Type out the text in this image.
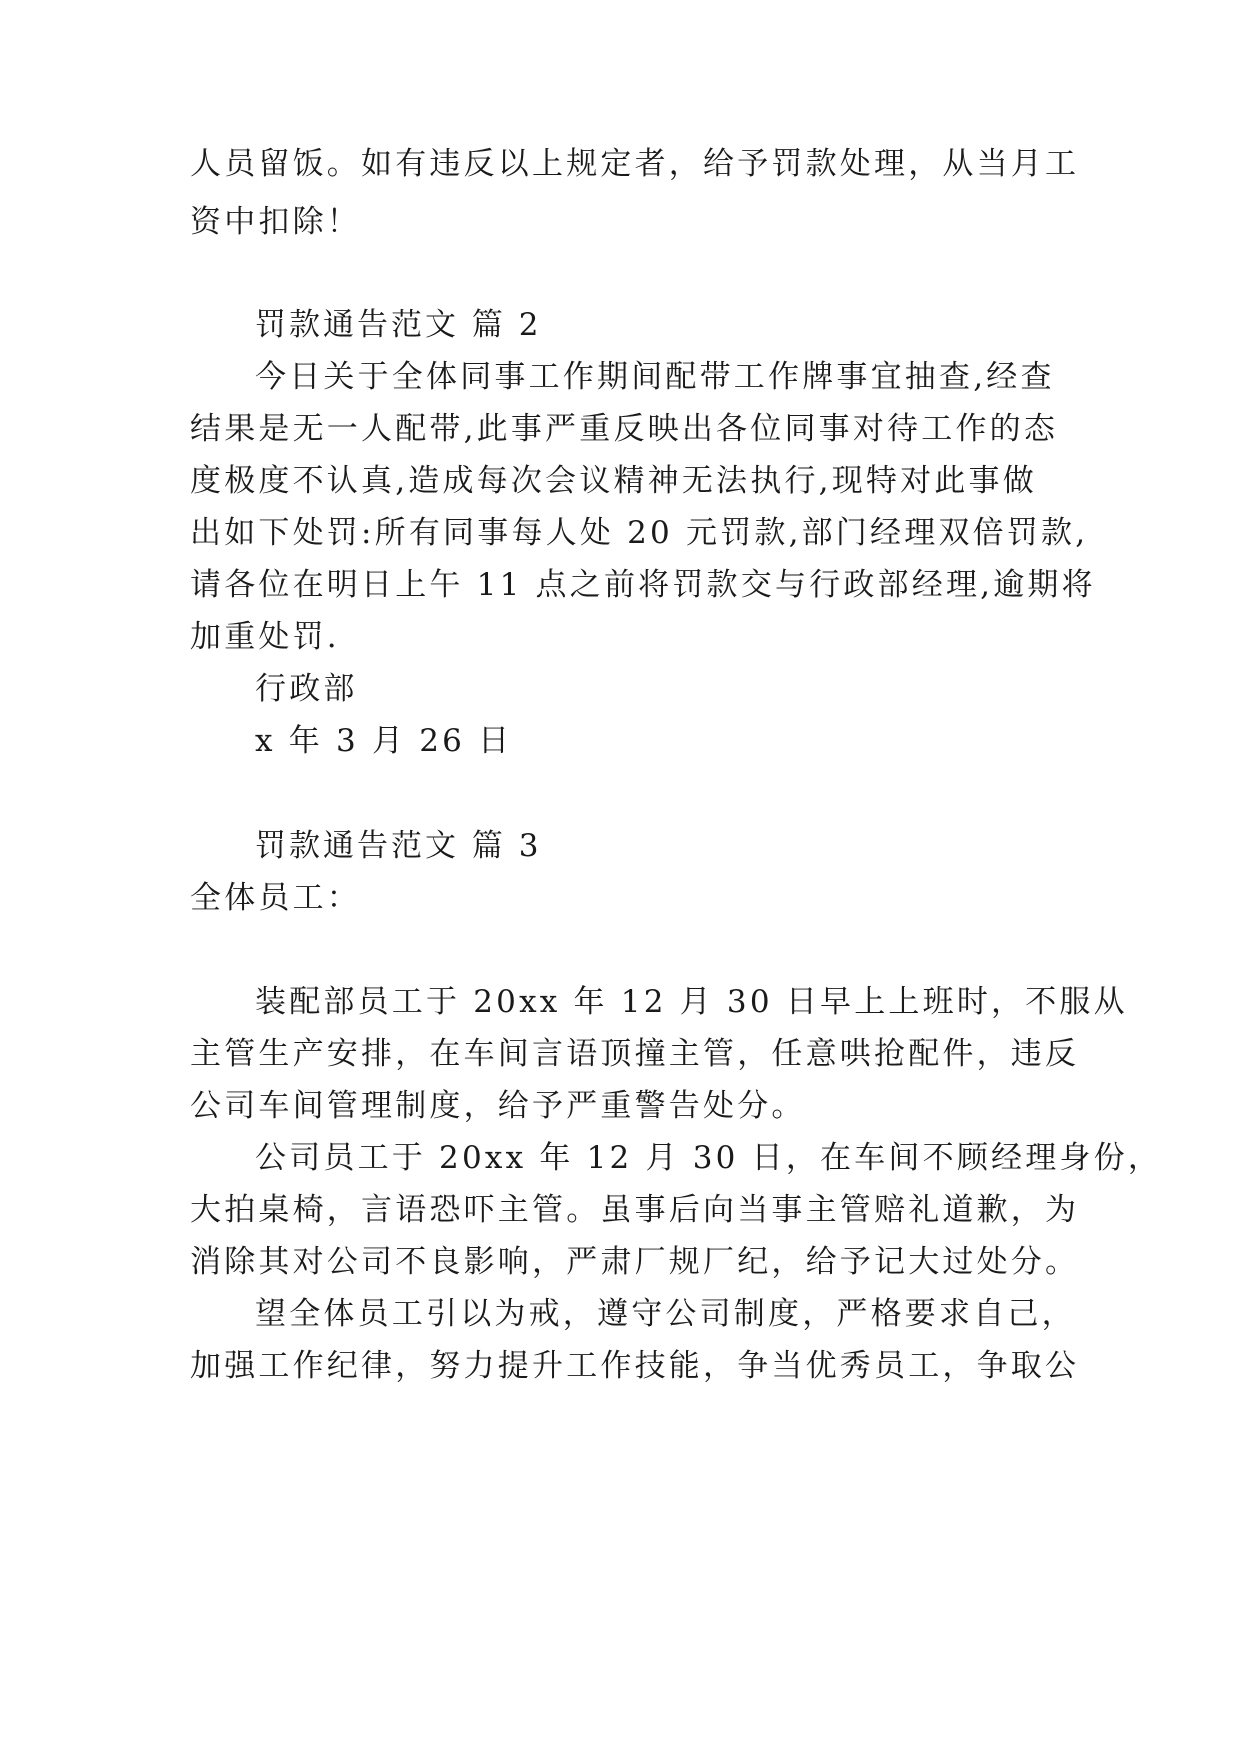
人员留饭。如有违反以上规定者，给予罚款处理，从当月工
资中扣除！
罚款通告范文 篇 2
今日关于全体同事工作期间配带工作牌事宜抽查,经查
结果是无一人配带,此事严重反映出各位同事对待工作的态
度极度不认真,造成每次会议精神无法执行,现特对此事做
出如下处罚:所有同事每人处 20 元罚款,部门经理双倍罚款,
请各位在明日上午 11 点之前将罚款交与行政部经理,逾期将
加重处罚.
行政部
x 年 3 月 26 日
罚款通告范文 篇 3
全体员工：
装配部员工于 20xx 年 12 月 30 日早上上班时，不服从
主管生产安排，在车间言语顶撞主管，任意哄抢配件，违反
公司车间管理制度，给予严重警告处分。
公司员工于 20xx 年 12 月 30 日，在车间不顾经理身份，
大拍桌椅，言语恐吓主管。虽事后向当事主管赔礼道歉，为
消除其对公司不良影响，严肃厂规厂纪，给予记大过处分。
望全体员工引以为戒，遵守公司制度，严格要求自己，
加强工作纪律，努力提升工作技能，争当优秀员工，争取公
